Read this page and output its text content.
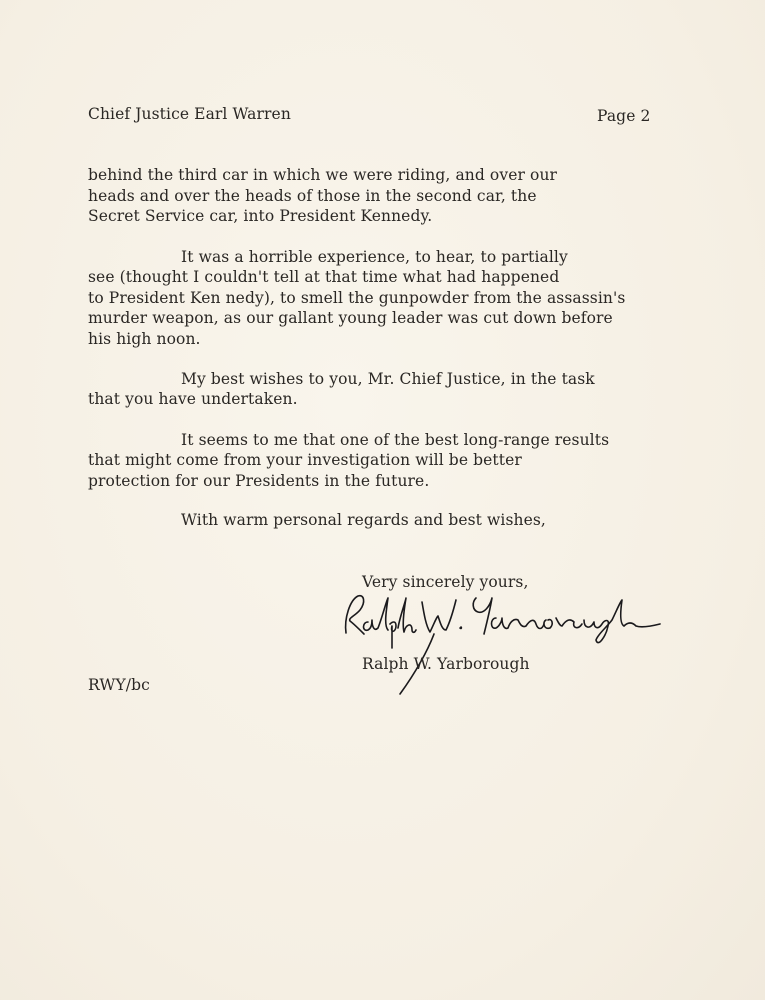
Chief Justice Earl Warren	Page 2
behind the third car in which we were riding, and over our
heads and over the heads of those in the second car, the
Secret Service car, into President Kennedy.
It was a horrible experience, to hear, to partially
see (thought I couldn't tell at that time what had happened
to President Ken nedy), to smell the gunpowder from the assassin's
murder weapon, as our gallant young leader was cut down before
his high noon.
My best wishes to you, Mr. Chief Justice, in the task
that you have undertaken.
It seems to me that one of the best long-range results
that might come from your investigation will be better
protection for our Presidents in the future.
With warm personal regards and best wishes,
Very sincerely yours,
Ralph W. Yarborough
RWY/bc
